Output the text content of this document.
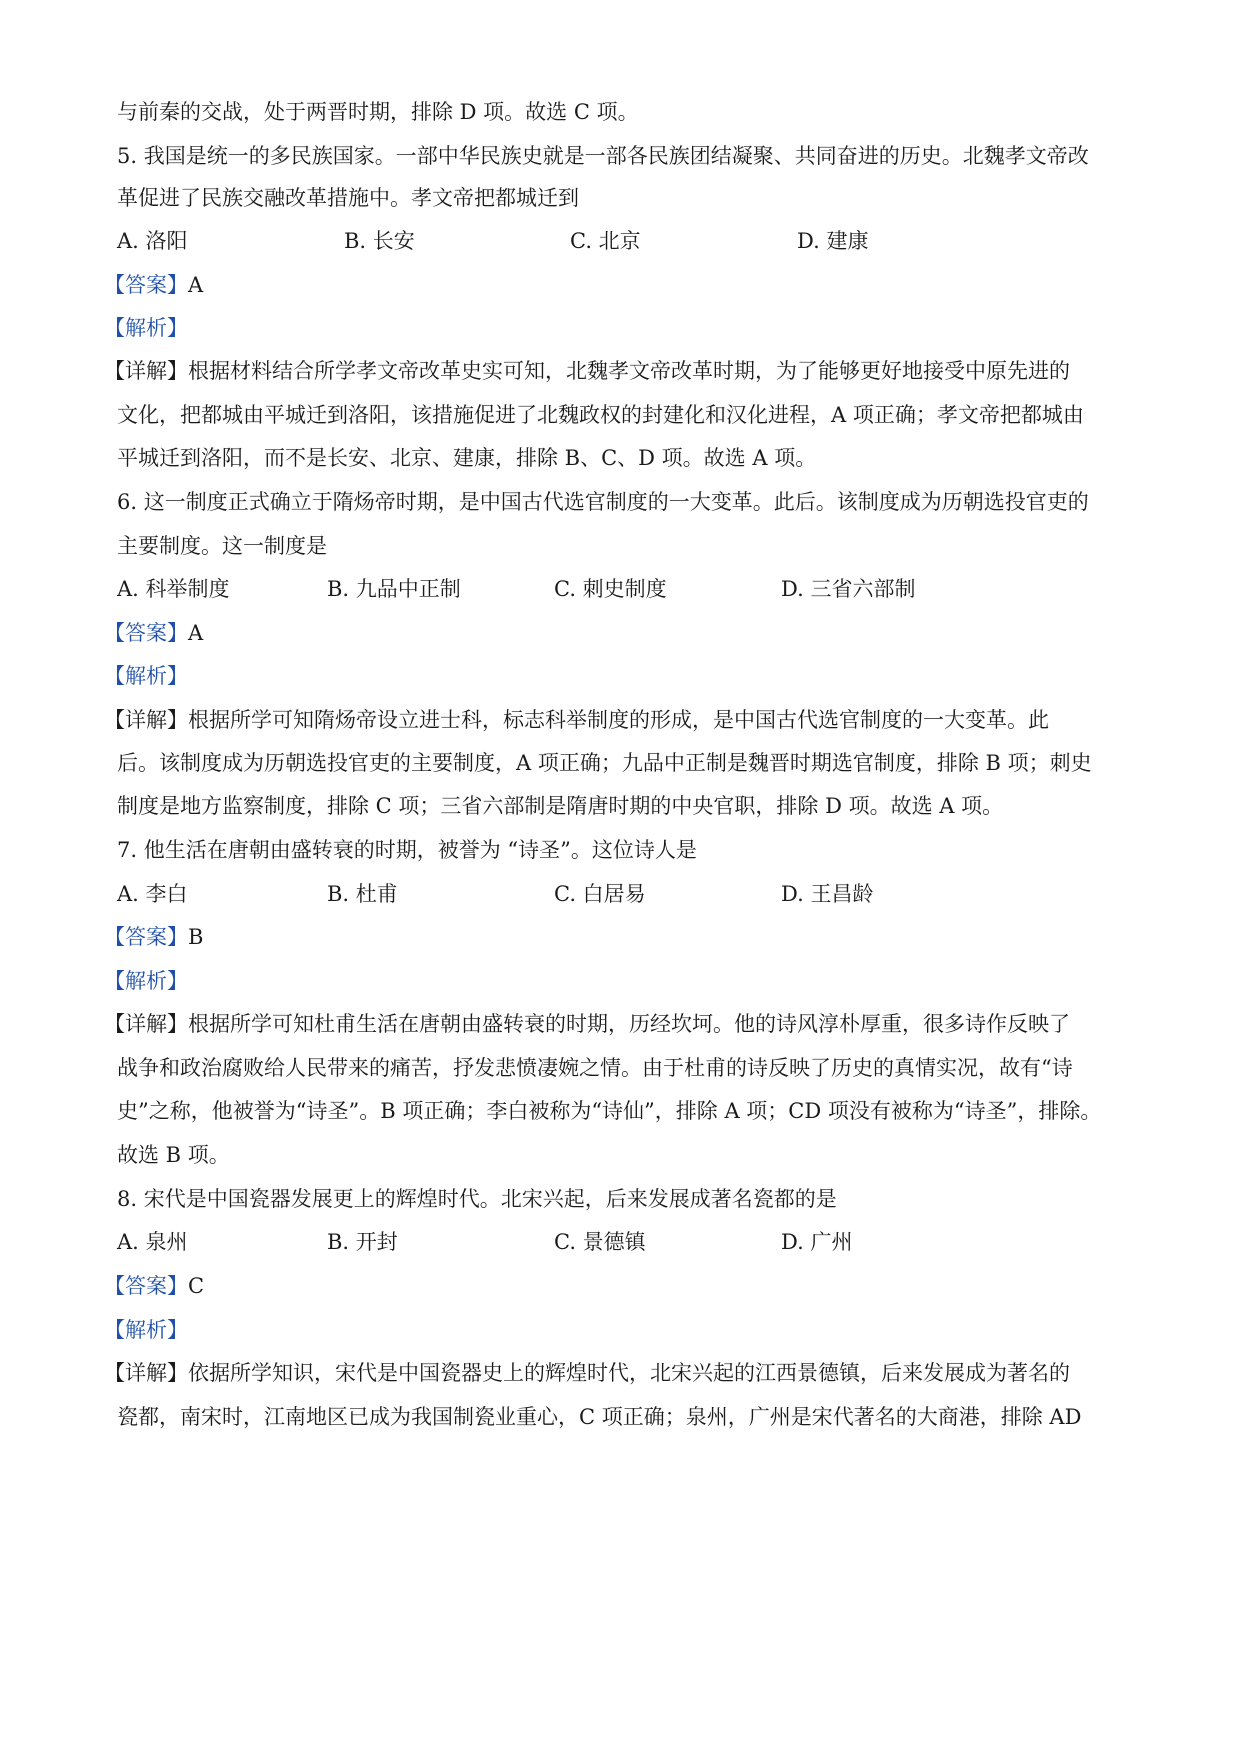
与前秦的交战，处于两晋时期，排除 D 项。故选 C 项。

5. 我国是统一的多民族国家。一部中华民族史就是一部各民族团结凝聚、共同奋进的历史。北魏孝文帝改

革促进了民族交融改革措施中。孝文帝把都城迁到

A. 洛阳	B. 长安	C. 北京	D. 建康

【答案】A

【解析】

【详解】根据材料结合所学孝文帝改革史实可知，北魏孝文帝改革时期，为了能够更好地接受中原先进的

文化，把都城由平城迁到洛阳，该措施促进了北魏政权的封建化和汉化进程，A 项正确；孝文帝把都城由

平城迁到洛阳，而不是长安、北京、建康，排除 B、C、D 项。故选 A 项。

6. 这一制度正式确立于隋炀帝时期，是中国古代选官制度的一大变革。此后。该制度成为历朝选投官吏的

主要制度。这一制度是

A. 科举制度	B. 九品中正制	C. 刺史制度	D. 三省六部制

【答案】A

【解析】

【详解】根据所学可知隋炀帝设立进士科，标志科举制度的形成，是中国古代选官制度的一大变革。此

后。该制度成为历朝选投官吏的主要制度，A 项正确；九品中正制是魏晋时期选官制度，排除 B 项；刺史

制度是地方监察制度，排除 C 项；三省六部制是隋唐时期的中央官职，排除 D 项。故选 A 项。

7. 他生活在唐朝由盛转衰的时期，被誉为 “诗圣”。这位诗人是

A. 李白	B. 杜甫	C. 白居易	D. 王昌龄

【答案】B

【解析】

【详解】根据所学可知杜甫生活在唐朝由盛转衰的时期，历经坎坷。他的诗风淳朴厚重，很多诗作反映了

战争和政治腐败给人民带来的痛苦，抒发悲愤凄婉之情。由于杜甫的诗反映了历史的真情实况，故有“诗

史”之称，他被誉为“诗圣”。B 项正确；李白被称为“诗仙”，排除 A 项；CD 项没有被称为“诗圣”，排除。

故选 B 项。

8. 宋代是中国瓷器发展更上的辉煌时代。北宋兴起，后来发展成著名瓷都的是

A. 泉州	B. 开封	C. 景德镇	D. 广州

【答案】C

【解析】

【详解】依据所学知识，宋代是中国瓷器史上的辉煌时代，北宋兴起的江西景德镇，后来发展成为著名的

瓷都，南宋时，江南地区已成为我国制瓷业重心，C 项正确；泉州，广州是宋代著名的大商港，排除 AD
